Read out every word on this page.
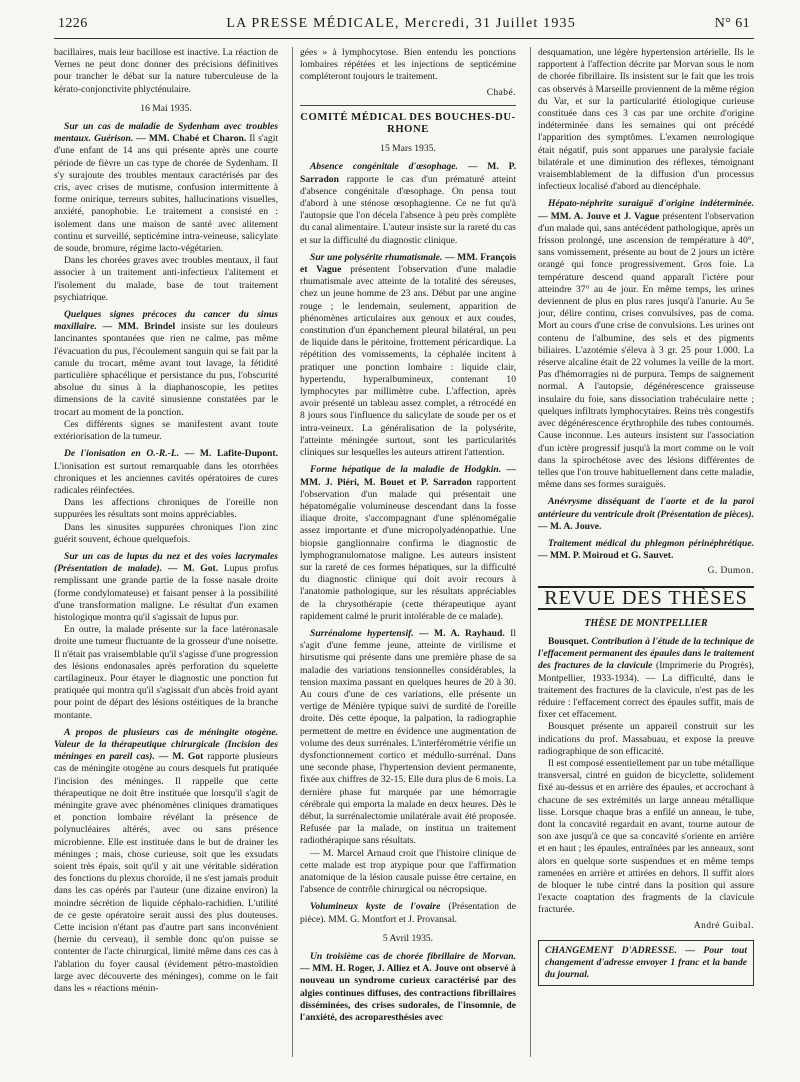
1226	LA PRESSE MÉDICALE, Mercredi, 31 Juillet 1935	N° 61

bacillaires, mais leur bacillose est inactive. La réaction de Vernes ne peut donc donner des précisions définitives pour trancher le débat sur la nature tuberculeuse de la kérato-conjonctivite phlycténulaire.

16 Mai 1935.

Sur un cas de maladie de Sydenham avec troubles mentaux. Guérison. — MM. Chabé et Charon. Il s'agit d'une enfant de 14 ans qui présente après une courte période de fièvre un cas type de chorée de Sydenham. Il s'y surajoute des troubles mentaux caractérisés par des cris, avec crises de mutisme, confusion intermittente à forme onirique, terreurs subites, hallucinations visuelles, anxiété, panophobie. Le traitement a consisté en : isolement dans une maison de santé avec alitement continu et surveillé, septicémine intra-veineuse, salicylate de soude, bromure, régime lacto-végétarien.

Dans les chorées graves avec troubles mentaux, il faut associer à un traitement anti-infectieux l'alitement et l'isolement du malade, base de tout traitement psychiatrique.

Quelques signes précoces du cancer du sinus maxillaire. — MM. Brindel insiste sur les douleurs lancinantes spontanées que rien ne calme, pas même l'évacuation du pus, l'écoulement sanguin qui se fait par la canule du trocart, même avant tout lavage, la fétidité particulière sphacélique et persistance du pus, l'obscurité absolue du sinus à la diaphanoscopie, les petites dimensions de la cavité sinusienne constatées par le trocart au moment de la ponction.

Ces différents signes se manifestent avant toute extériorisation de la tumeur.

De l'ionisation en O.-R.-L. — M. Lafite-Dupont. L'ionisation est surtout remarquable dans les otorrhées chroniques et les anciennes cavités opératoires de cures radicales réinfectées.

Dans les affections chroniques de l'oreille non suppurées les résultats sont moins appréciables.

Dans les sinusites suppurées chroniques l'ion zinc guérit souvent, échoue quelquefois.

Sur un cas de lupus du nez et des voies lacrymales (Présentation de malade). — M. Got. Lupus profus remplissant une grande partie de la fosse nasale droite (forme condylomateuse) et faisant penser à la possibilité d'une transformation maligne. Le résultat d'un examen histologique montra qu'il s'agissait de lupus pur.

En outre, la malade présente sur la face latéronasale droite une tumeur fluctuante de la grosseur d'une noisette. Il n'était pas vraisemblable qu'il s'agisse d'une progression des lésions endonasales après perforation du squelette cartilagineux. Pour étayer le diagnostic une ponction fut pratiquée qui montra qu'il s'agissait d'un abcès froid ayant pour point de départ des lésions ostéitiques de la branche montante.

A propos de plusieurs cas de méningite otogène. Valeur de la thérapeutique chirurgicale (Incision des méninges en pareil cas). — M. Got rapporte plusieurs cas de méningite otogène au cours desquels fut pratiquée l'incision des méninges. Il rappelle que cette thérapeutique ne doit être instituée que lorsqu'il s'agit de méningite grave avec phénomènes cliniques dramatiques et ponction lombaire révélant la présence de polynucléaires altérés, avec ou sans présence microbienne. Elle est instituée dans le but de drainer les méninges ; mais, chose curieuse, soit que les exsudats soient très épais, soit qu'il y ait une véritable sidération des fonctions du plexus choroïde, il ne s'est jamais produit dans les cas opérés par l'auteur (une dizaine environ) la moindre sécrétion de liquide céphalo-rachidien. L'utilité de ce geste opératoire serait aussi des plus douteuses. Cette incision n'étant pas d'autre part sans inconvénient (hernie du cerveau), il semble donc qu'on puisse se contenter de l'acte chirurgical, limité même dans ces cas à l'ablation du foyer causal (évidement pétro-mastoïdien large avec découverte des méninges), comme on le fait dans les « réactions ménin-

gées » à lymphocytose. Bien entendu les ponctions lombaires répétées et les injections de septicémine compléteront toujours le traitement.

Chabé.
COMITÉ MÉDICAL DES BOUCHES-DU-RHONE
15 Mars 1935.

Absence congénitale d'œsophage. — M. P. Sarradon rapporte le cas d'un prématuré atteint d'absence congénitale d'œsophage. On pensa tout d'abord à une sténose œsophagienne. Ce ne fut qu'à l'autopsie que l'on décela l'absence à peu près complète du canal alimentaire. L'auteur insiste sur la rareté du cas et sur la difficulté du diagnostic clinique.

Sur une polysérite rhumatismale. — MM. François et Vague présentent l'observation d'une maladie rhumatismale avec atteinte de la totalité des séreuses, chez un jeune homme de 23 ans. Début par une angine rouge ; le lendemain, seulement, apparition de phénomènes articulaires aux genoux et aux coudes, constitution d'un épanchement pleural bilatéral, un peu de liquide dans le péritoine, frottement péricardique. La répétition des vomissements, la céphalée incitent à pratiquer une ponction lombaire : liquide clair, hypertendu, hyperalbumineux, contenant 10 lymphocytes par millimètre cube. L'affection, après avoir présenté un tableau assez complet, a rétrocédé en 8 jours sous l'influence du salicylate de soude per os et intra-veineux. La généralisation de la polysérite, l'atteinte méningée surtout, sont les particularités cliniques sur lesquelles les auteurs attirent l'attention.

Forme hépatique de la maladie de Hodgkin. — MM. J. Piéri, M. Bouet et P. Sarradon rapportent l'observation d'un malade qui présentait une hépatomégalie volumineuse descendant dans la fosse iliaque droite, s'accompagnant d'une splénomégalie assez importante et d'une micropolyadénopathie. Une biopsie ganglionnaire confirma le diagnostic de lymphogranulomatose maligne. Les auteurs insistent sur la rareté de ces formes hépatiques, sur la difficulté du diagnostic clinique qui doit avoir recours à l'anatomie pathologique, sur les résultats appréciables de la chrysothérapie (cette thérapeutique ayant rapidement calmé le prurit intolérable de ce malade).

Surrénalome hypertensif. — M. A. Rayhaud. Il s'agit d'une femme jeune, atteinte de virilisme et hirsutisme qui présente dans une première phase de sa maladie des variations tensionnelles considérables, la tension maxima passant en quelques heures de 20 à 30. Au cours d'une de ces variations, elle présente un vertige de Ménière typique suivi de surdité de l'oreille droite. Dès cette époque, la palpation, la radiographie permettent de mettre en évidence une augmentation de volume des deux surrénales. L'interférométrie vérifie un dysfonctionnement cortico et médullo-surrénal. Dans une seconde phase, l'hypertension devient permanente, fixée aux chiffres de 32-15. Elle dura plus de 6 mois. La dernière phase fut marquée par une hémorragie cérébrale qui emporta la malade en deux heures. Dès le début, la surrénalectomie unilatérale avait été proposée. Refusée par la malade, on institua un traitement radiothérapique sans résultats.

— M. Marcel Arnaud croit que l'histoire clinique de cette malade est trop atypique pour que l'affirmation anatomique de la lésion causale puisse être certaine, en l'absence de contrôle chirurgical ou nécropsique.

Volumineux kyste de l'ovaire (Présentation de pièce). MM. G. Montfort et J. Provansal.

5 Avril 1935.

Un troisième cas de chorée fibrillaire de Morvan. — MM. H. Roger, J. Alliez et A. Jouve ont observé à nouveau un syndrome curieux caractérisé par des algies continues diffuses, des contractions fibrillaires disséminées, des crises sudorales, de l'insomnie, de l'anxiété, des acroparesthésies avec

desquamation, une légère hypertension artérielle. Ils le rapportent à l'affection décrite par Morvan sous le nom de chorée fibrillaire. Ils insistent sur le fait que les trois cas observés à Marseille proviennent de la même région du Var, et sur la particularité étiologique curieuse constituée dans ces 3 cas par une orchite d'origine indéterminée dans les semaines qui ont précédé l'apparition des symptômes. L'examen neurologique était négatif, puis sont apparues une paralysie faciale bilatérale et une diminution des réflexes, témoignant vraisemblablement de la diffusion d'un processus infectieux localisé d'abord au diencéphale.

Hépato-néphrite suraiguë d'origine indéterminée. — MM. A. Jouve et J. Vague présentent l'observation d'un malade qui, sans antécédent pathologique, après un frisson prolongé, une ascension de température à 40°, sans vomissement, présente au bout de 2 jours un ictère orangé qui fonce progressivement. Gros foie. La température descend quand apparaît l'ictère pour atteindre 37° au 4e jour. En même temps, les urines deviennent de plus en plus rares jusqu'à l'anurie. Au 5e jour, délire continu, crises convulsives, pas de coma. Mort au cours d'une crise de convulsions. Les urines ont contenu de l'albumine, des sels et des pigments biliaires. L'azotémie s'éleva à 3 gr. 25 pour 1.000. La réserve alcaline était de 22 volumes la veille de la mort. Pas d'hémorragies ni de purpura. Temps de saignement normal. A l'autopsie, dégénérescence graisseuse insulaire du foie, sans dissociation trabéculaire nette ; quelques infiltrats lymphocytaires. Reins très congestifs avec dégénérescence érythrophile des tubes contournés. Cause inconnue. Les auteurs insistent sur l'association d'un ictère progressif jusqu'à la mort comme on le voit dans la spirochétose avec des lésions différentes de telles que l'on trouve habituellement dans cette maladie, même dans ses formes suraiguës.

Anévrysme disséquant de l'aorte et de la paroi antérieure du ventricule droit (Présentation de pièces). — M. A. Jouve.

Traitement médical du phlegmon périnéphrétique. — MM. P. Moiroud et G. Sauvet.

G. Dumon.
REVUE DES THÈSES
THÈSE DE MONTPELLIER

Bousquet. Contribution à l'étude de la technique de l'effacement permanent des épaules dans le traitement des fractures de la clavicule (Imprimerie du Progrès), Montpellier, 1933-1934). — La difficulté, dans le traitement des fractures de la clavicule, n'est pas de les réduire : l'effacement correct des épaules suffit, mais de fixer cet effacement.

Bousquet présente un appareil construit sur les indications du prof. Massabuau, et expose la preuve radiographique de son efficacité.

Il est composé essentiellement par un tube métallique transversal, cintré en guidon de bicyclette, solidement fixé au-dessus et en arrière des épaules, et accrochant à chacune de ses extrémités un large anneau métallique lisse. Lorsque chaque bras a enfilé un anneau, le tube, dont la concavité regardait en avant, tourne autour de son axe jusqu'à ce que sa concavité s'oriente en arrière et en haut ; les épaules, entraînées par les anneaux, sont alors en quelque sorte suspendues et en même temps ramenées en arrière et attirées en dehors. Il suffit alors de bloquer le tube cintré dans la position qui assure l'exacte coaptation des fragments de la clavicule fracturée.

André Guibal.
CHANGEMENT D'ADRESSE. — Pour tout changement d'adresse envoyer 1 franc et la bande du journal.
